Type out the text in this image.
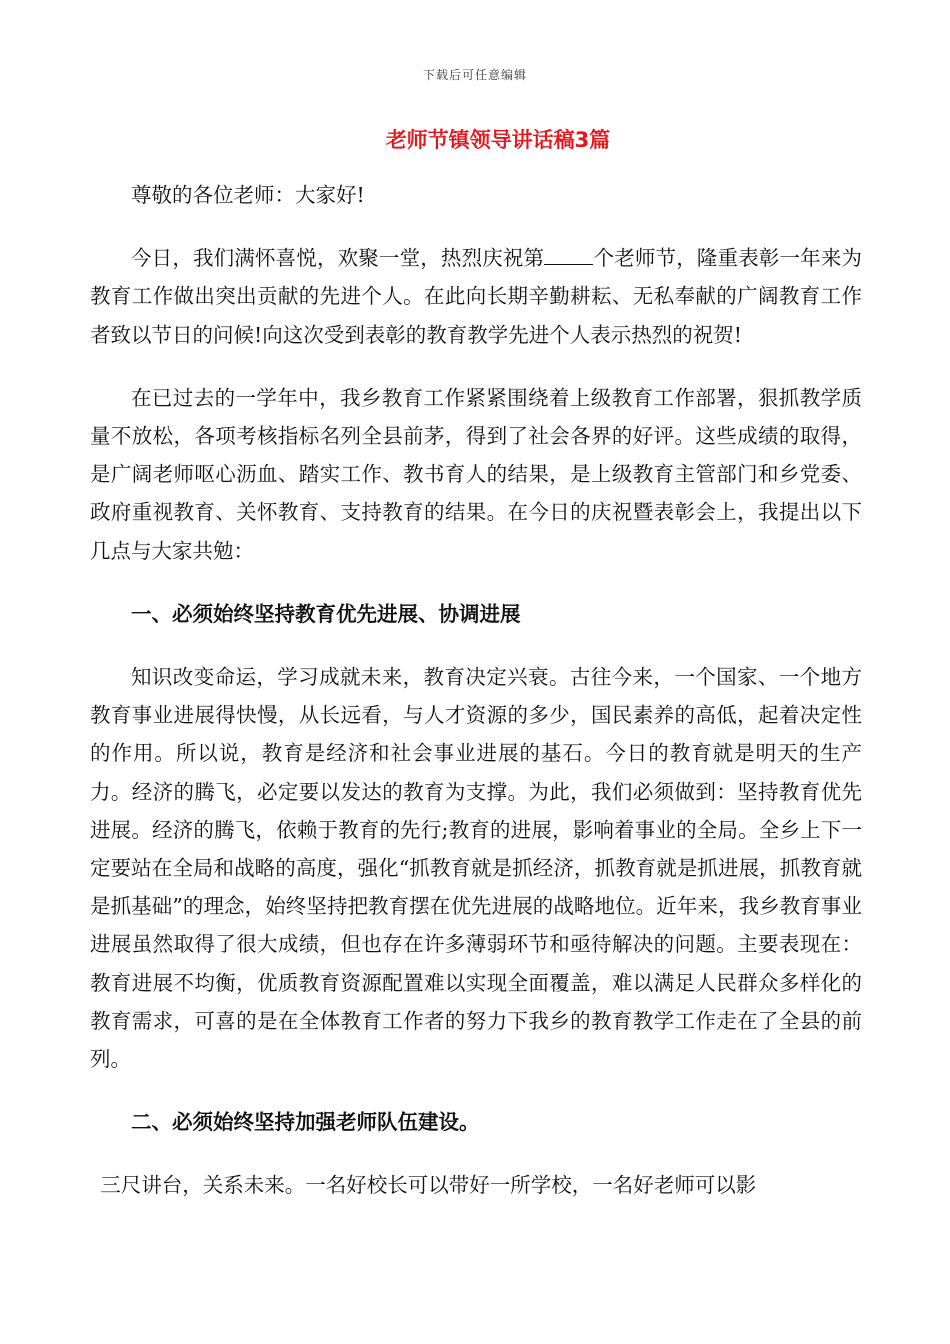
下载后可任意编辑
老师节镇领导讲话稿3篇

尊敬的各位老师：大家好!

今日，我们满怀喜悦，欢聚一堂，热烈庆祝第 个老师节，隆重表彰一年来为教育工作做出突出贡献的先进个人。在此向长期辛勤耕耘、无私奉献的广阔教育工作者致以节日的问候!向这次受到表彰的教育教学先进个人表示热烈的祝贺!

在已过去的一学年中，我乡教育工作紧紧围绕着上级教育工作部署，狠抓教学质量不放松，各项考核指标名列全县前茅，得到了社会各界的好评。这些成绩的取得，是广阔老师呕心沥血、踏实工作、教书育人的结果，是上级教育主管部门和乡党委、政府重视教育、关怀教育、支持教育的结果。在今日的庆祝暨表彰会上，我提出以下几点与大家共勉：

一、必须始终坚持教育优先进展、协调进展

知识改变命运，学习成就未来，教育决定兴衰。古往今来，一个国家、一个地方教育事业进展得快慢，从长远看，与人才资源的多少，国民素养的高低，起着决定性的作用。所以说，教育是经济和社会事业进展的基石。今日的教育就是明天的生产力。经济的腾飞，必定要以发达的教育为支撑。为此，我们必须做到：坚持教育优先进展。经济的腾飞，依赖于教育的先行;教育的进展，影响着事业的全局。全乡上下一定要站在全局和战略的高度，强化“抓教育就是抓经济，抓教育就是抓进展，抓教育就是抓基础”的理念，始终坚持把教育摆在优先进展的战略地位。近年来，我乡教育事业进展虽然取得了很大成绩，但也存在许多薄弱环节和亟待解决的问题。主要表现在：教育进展不均衡，优质教育资源配置难以实现全面覆盖，难以满足人民群众多样化的教育需求，可喜的是在全体教育工作者的努力下我乡的教育教学工作走在了全县的前列。

二、必须始终坚持加强老师队伍建设。

三尺讲台，关系未来。一名好校长可以带好一所学校，一名好老师可以影
